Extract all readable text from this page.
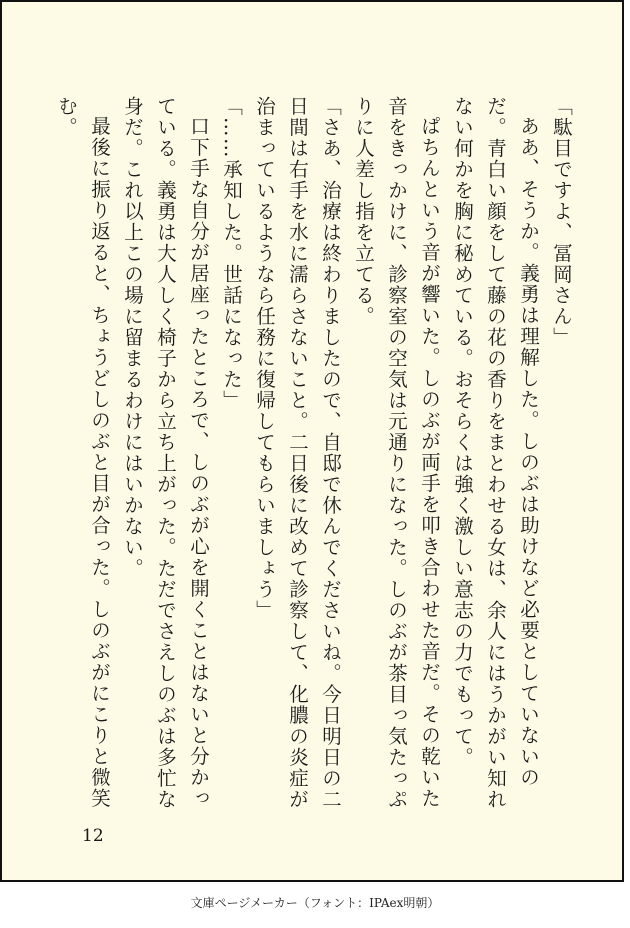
「駄目ですよ、冨岡さん」

ああ、そうか。義勇は理解した。しのぶは助けなど必要としていないのだ。青白い顔をして藤の花の香りをまとわせる女は、余人にはうかがい知れない何かを胸に秘めている。おそらくは強く激しい意志の力でもって。

ぱちんという音が響いた。しのぶが両手を叩き合わせた音だ。その乾いた音をきっかけに、診察室の空気は元通りになった。しのぶが茶目っ気たっぷりに人差し指を立てる。

「さあ、治療は終わりましたので、自邸で休んでくださいね。今日明日の二日間は右手を水に濡らさないこと。二日後に改めて診察して、化膿の炎症が治まっているようなら任務に復帰してもらいましょう」

「……承知した。世話になった」

口下手な自分が居座ったところで、しのぶが心を開くことはないと分かっている。義勇は大人しく椅子から立ち上がった。ただでさえしのぶは多忙な身だ。これ以上この場に留まるわけにはいかない。

最後に振り返ると、ちょうどしのぶと目が合った。しのぶがにこりと微笑む。

12
文庫ページメーカー（フォント：IPAex明朝）
